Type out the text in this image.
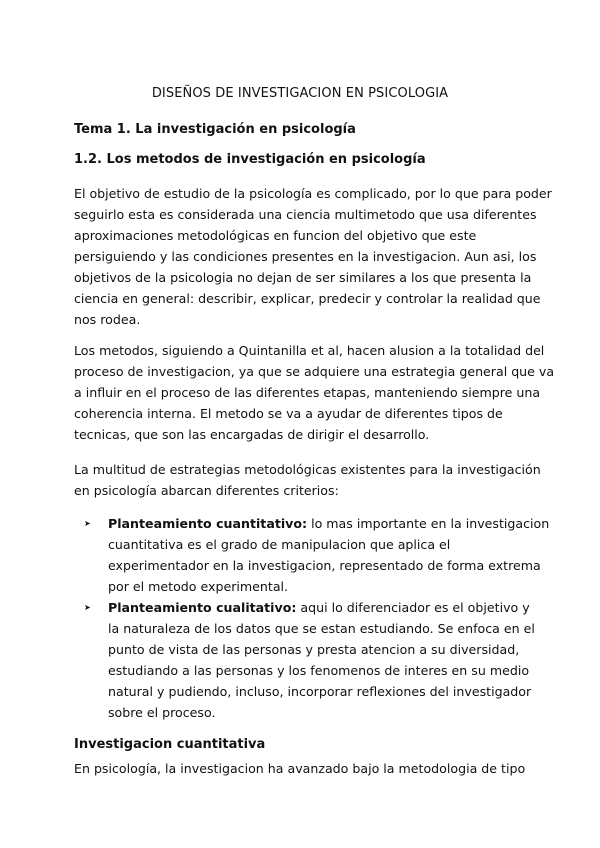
DISEÑOS DE INVESTIGACION EN PSICOLOGIA
Tema 1. La investigación en psicología
1.2. Los metodos de investigación en psicología

El objetivo de estudio de la psicología es complicado, por lo que para poder
seguirlo esta es considerada una ciencia multimetodo que usa diferentes
aproximaciones metodológicas en funcion del objetivo que este
persiguiendo y las condiciones presentes en la investigacion. Aun asi, los
objetivos de la psicologia no dejan de ser similares a los que presenta la
ciencia en general: describir, explicar, predecir y controlar la realidad que
nos rodea.

Los metodos, siguiendo a Quintanilla et al, hacen alusion a la totalidad del
proceso de investigacion, ya que se adquiere una estrategia general que va
a influir en el proceso de las diferentes etapas, manteniendo siempre una
coherencia interna. El metodo se va a ayudar de diferentes tipos de
tecnicas, que son las encargadas de dirigir el desarrollo.

La multitud de estrategias metodológicas existentes para la investigación
en psicología abarcan diferentes criterios:

➤ Planteamiento cuantitativo: lo mas importante en la investigacion
cuantitativa es el grado de manipulacion que aplica el
experimentador en la investigacion, representado de forma extrema
por el metodo experimental.
➤ Planteamiento cualitativo: aqui lo diferenciador es el objetivo y
la naturaleza de los datos que se estan estudiando. Se enfoca en el
punto de vista de las personas y presta atencion a su diversidad,
estudiando a las personas y los fenomenos de interes en su medio
natural y pudiendo, incluso, incorporar reflexiones del investigador
sobre el proceso.
Investigacion cuantitativa

En psicología, la investigacion ha avanzado bajo la metodologia de tipo
